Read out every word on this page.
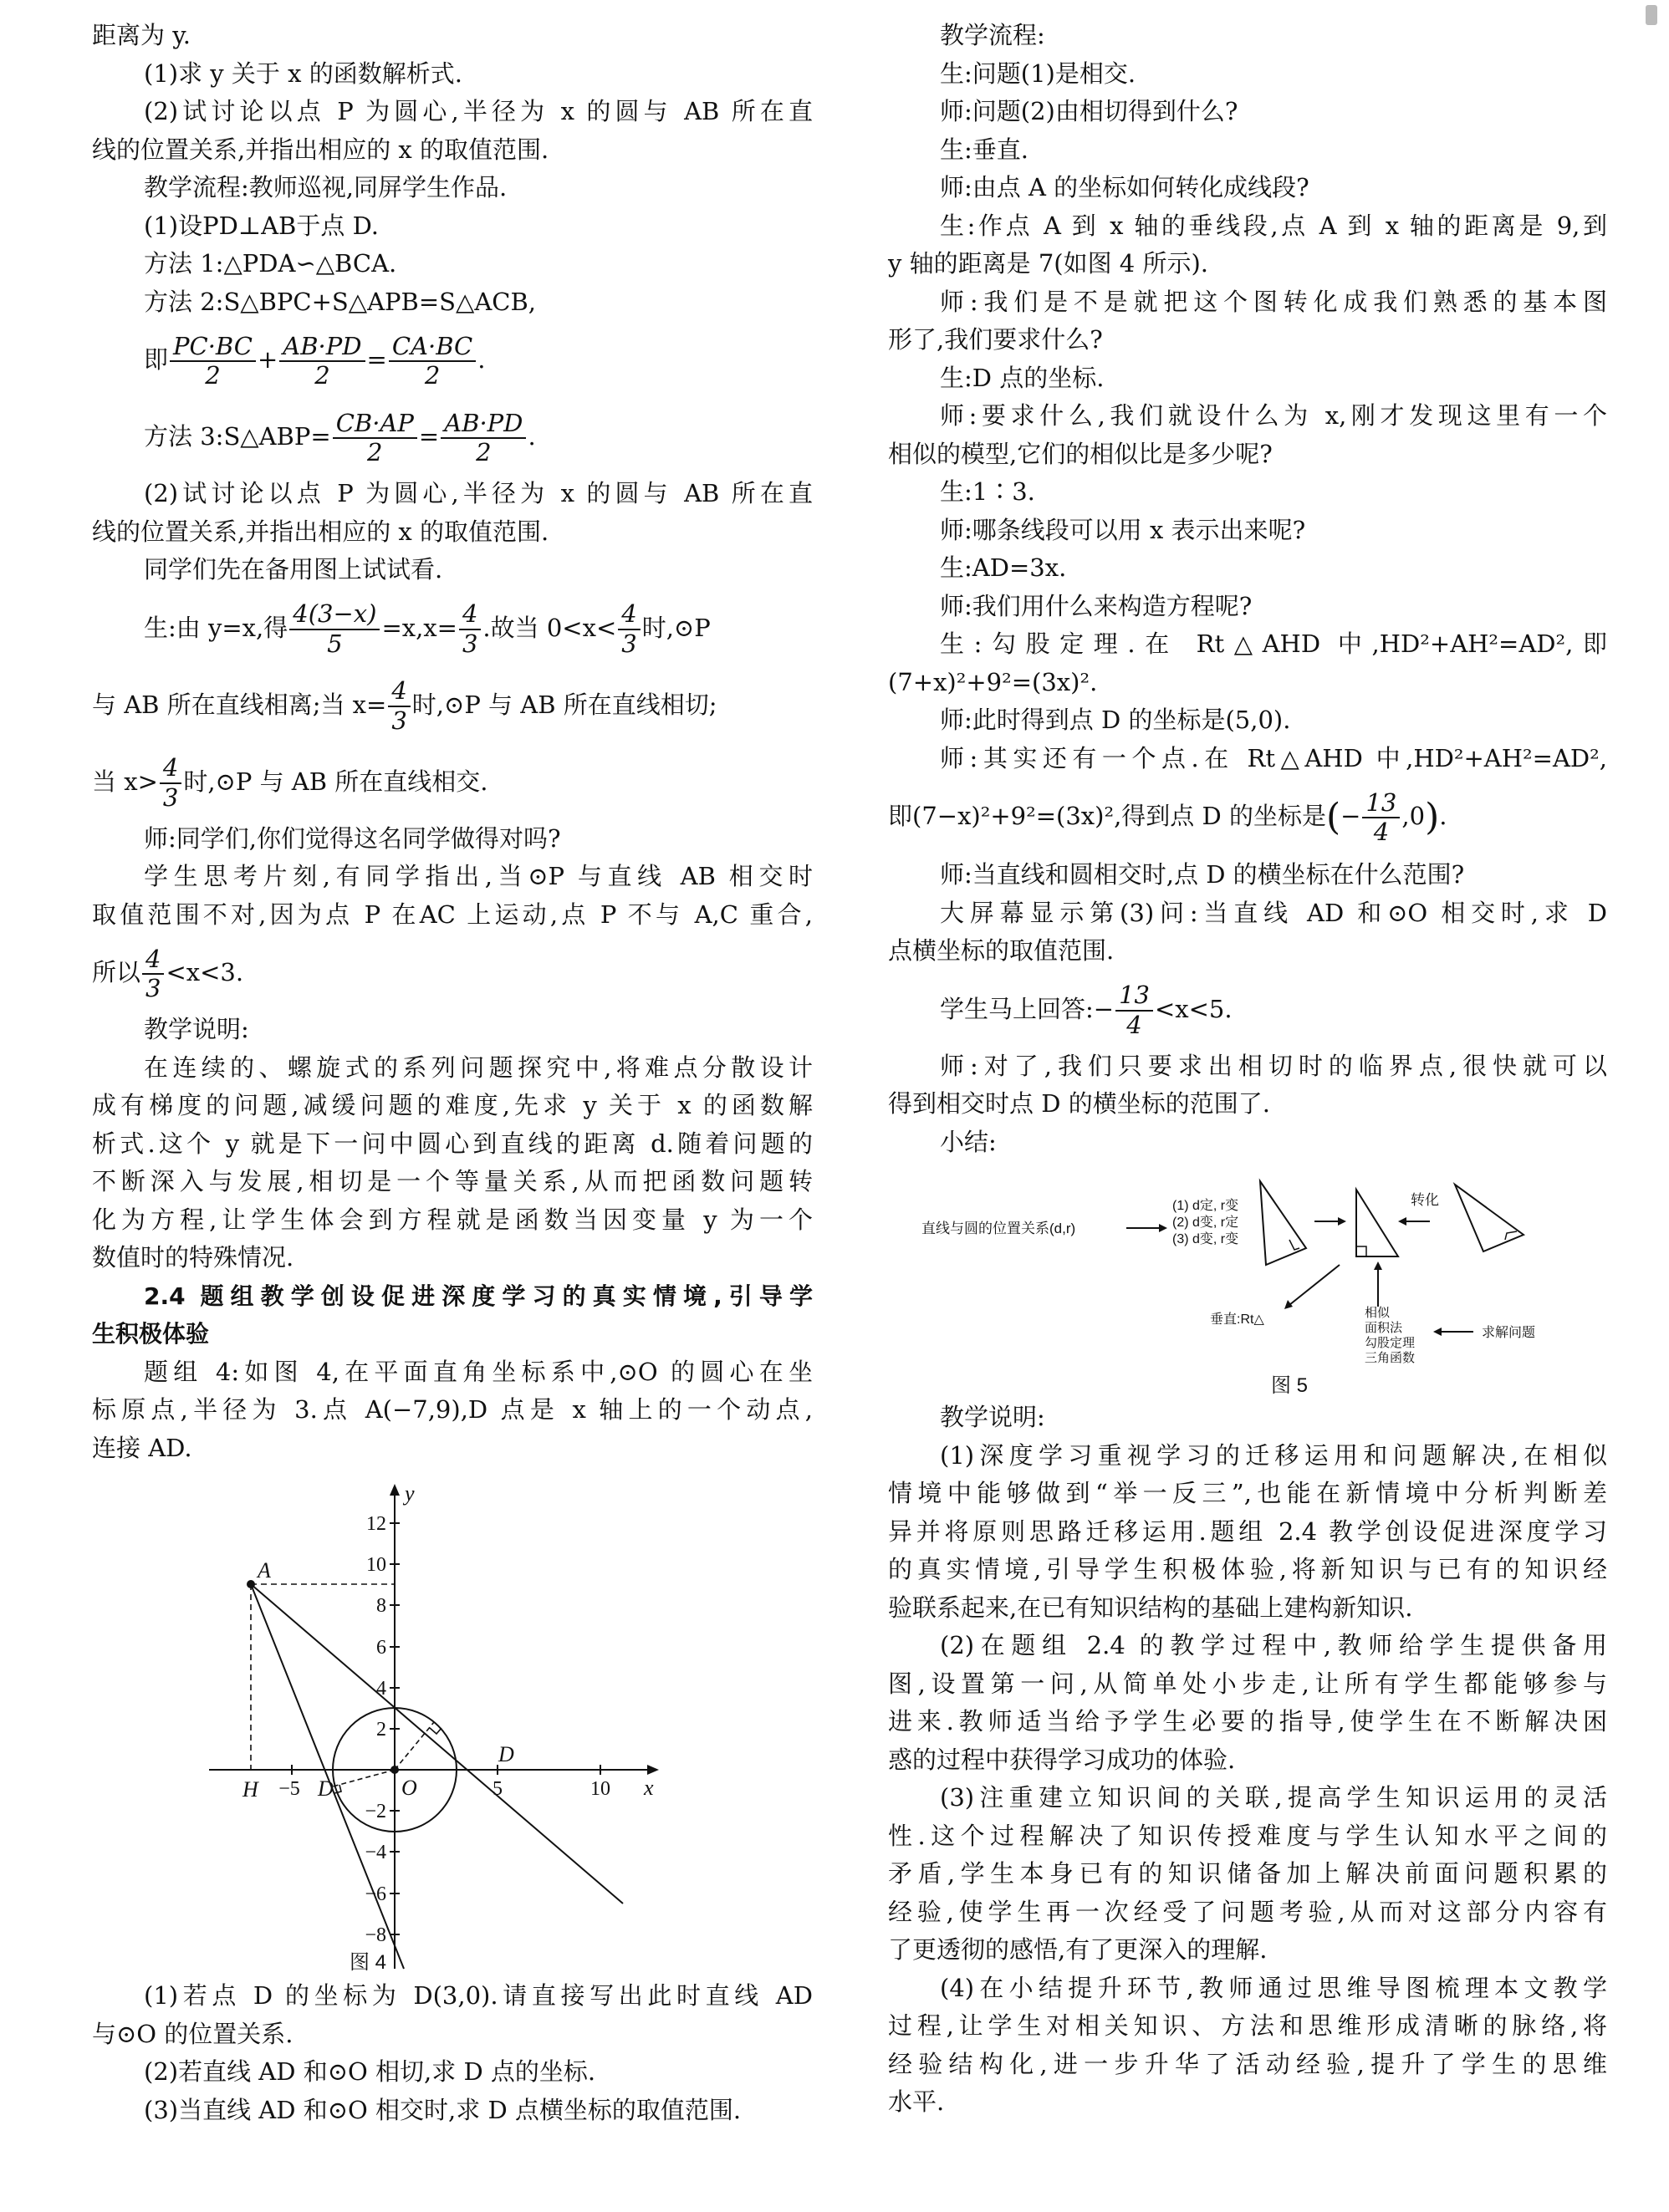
距离为 y.
(1)求 y 关于 x 的函数解析式.
(2)试讨论以点 P 为圆心,半径为 x 的圆与 AB 所在直
线的位置关系,并指出相应的 x 的取值范围.
教学流程:教师巡视,同屏学生作品.
(1)设PD⊥AB于点 D.
方法 1:△PDA∽△BCA.
方法 2:S△BPC+S△APB=S△ACB,
即 $\frac{PC\cdot BC}{2} + \frac{AB\cdot PD}{2} = \frac{CA\cdot BC}{2}$ .
方法 3:S△ABP= $\frac{CB\cdot AP}{2} = \frac{AB\cdot PD}{2}$ .
(2)试讨论以点 P 为圆心,半径为 x 的圆与 AB 所在直
线的位置关系,并指出相应的 x 的取值范围.
同学们先在备用图上试试看.
生:由 y=x,得 $\frac{4(3-x)}{5} =x,x= \frac{4}{3}$ .故当 $0<x< \frac{4}{3}$ 时,⊙P
与 AB 所在直线相离;当 $x= \frac{4}{3}$ 时,⊙P 与 AB 所在直线相切;
当 $x> \frac{4}{3}$ 时,⊙P 与 AB 所在直线相交.
师:同学们,你们觉得这名同学做得对吗?
学生思考片刻,有同学指出,当⊙P 与直线 AB 相交时
取值范围不对,因为点 P 在AC 上运动,点 P 不与 A,C 重合,
所以 $\frac{4}{3} <x<3$.
教学说明:
在连续的、螺旋式的系列问题探究中,将难点分散设计
成有梯度的问题,减缓问题的难度,先求 y 关于 x 的函数解
析式.这个 y 就是下一问中圆心到直线的距离 d.随着问题的
不断深入与发展,相切是一个等量关系,从而把函数问题转
化为方程,让学生体会到方程就是函数当因变量 y 为一个
数值时的特殊情况.
2.4 题组教学创设促进深度学习的真实情境,引导学
生积极体验
题组 4:如图 4,在平面直角坐标系中,⊙O 的圆心在坐
标原点,半径为 3.点 A(−7,9),D 点是 x 轴上的一个动点,
连接 AD.
12
10
8
6
4
2
−2
−4
−6
−8
−5	5	10
A
H	D
D
O	x
y
图 4
(1)若点 D 的坐标为 D(3,0).请直接写出此时直线 AD
与⊙O 的位置关系.
(2)若直线 AD 和⊙O 相切,求 D 点的坐标.
(3)当直线 AD 和⊙O 相交时,求 D 点横坐标的取值范围.
教学流程:
生:问题(1)是相交.
师:问题(2)由相切得到什么?
生:垂直.
师:由点 A 的坐标如何转化成线段?
生:作点 A 到 x 轴的垂线段,点 A 到 x 轴的距离是 9,到
y 轴的距离是 7(如图 4 所示).
师:我们是不是就把这个图转化成我们熟悉的基本图
形了,我们要求什么?
生:D 点的坐标.
师:要求什么,我们就设什么为 x,刚才发现这里有一个
相似的模型,它们的相似比是多少呢?
生:1∶3.
师:哪条线段可以用 x 表示出来呢?
生:AD=3x.
师:我们用什么来构造方程呢?
生:勾股定理.在 Rt△AHD 中,HD²+AH²=AD²,即
(7+x)²+9²=(3x)².
师:此时得到点 D 的坐标是(5,0).
师:其实还有一个点.在 Rt△AHD 中,HD²+AH²=AD²,
即(7−x)²+9²=(3x)²,得到点 D 的坐标是(− $\frac{13}{4} ,0$).
师:当直线和圆相交时,点 D 的横坐标在什么范围?
大屏幕显示第(3)问:当直线 AD 和⊙O 相交时,求 D
点横坐标的取值范围.
学生马上回答:− $\frac{13}{4} <x<5$.
师:对了,我们只要求出相切时的临界点,很快就可以
得到相交时点 D 的横坐标的范围了.
小结:
直线与圆的位置关系(d,r)
(1) d定, r变
(2) d变, r定
(3) d变, r变
转化
垂直:Rt△	相似
面积法
勾股定理
三角函数
求解问题
图 5
教学说明:
(1)深度学习重视学习的迁移运用和问题解决,在相似
情境中能够做到“举一反三”,也能在新情境中分析判断差
异并将原则思路迁移运用.题组 2.4 教学创设促进深度学习
的真实情境,引导学生积极体验,将新知识与已有的知识经
验联系起来,在已有知识结构的基础上建构新知识.
(2)在题组 2.4 的教学过程中,教师给学生提供备用
图,设置第一问,从简单处小步走,让所有学生都能够参与
进来.教师适当给予学生必要的指导,使学生在不断解决困
惑的过程中获得学习成功的体验.
(3)注重建立知识间的关联,提高学生知识运用的灵活
性.这个过程解决了知识传授难度与学生认知水平之间的
矛盾,学生本身已有的知识储备加上解决前面问题积累的
经验,使学生再一次经受了问题考验,从而对这部分内容有
了更透彻的感悟,有了更深入的理解.
(4)在小结提升环节,教师通过思维导图梳理本文教学
过程,让学生对相关知识、方法和思维形成清晰的脉络,将
经验结构化,进一步升华了活动经验,提升了学生的思维
水平.
